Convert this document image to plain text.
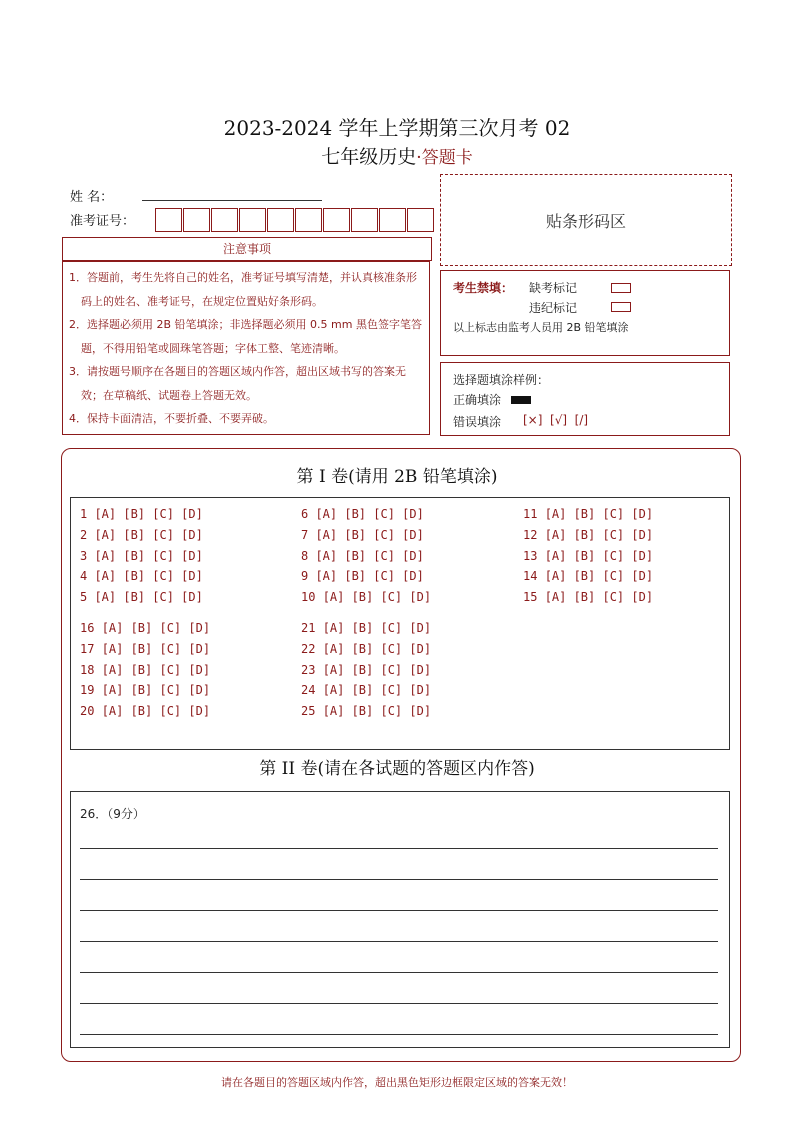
2023-2024 学年上学期第三次月考 02
七年级历史·答题卡
姓 名：
准考证号：	贴条形码区
注意事项
1．答题前，考生先将自己的姓名，准考证号填写清楚，并认真核准条形码上的姓名、准考证号，在规定位置贴好条形码。
2．选择题必须用 2B 铅笔填涂；非选择题必须用 0.5 mm 黑色签字笔答题，不得用铅笔或圆珠笔答题；字体工整、笔迹清晰。
3．请按题号顺序在各题目的答题区域内作答，超出区域书写的答案无效；在草稿纸、试题卷上答题无效。
4．保持卡面清洁，不要折叠、不要弄破。
考生禁填： 缺考标记
违纪标记
以上标志由监考人员用 2B 铅笔填涂
选择题填涂样例：
正确填涂
错误填涂 [×]  [√]  [/]
第 I 卷(请用 2B 铅笔填涂)
第 II 卷(请在各试题的答题区内作答)
26．（9分）
请在各题目的答题区域内作答，超出黑色矩形边框限定区域的答案无效！
1 [A] [B] [C] [D]
2 [A] [B] [C] [D]
3 [A] [B] [C] [D]
4 [A] [B] [C] [D]
5 [A] [B] [C] [D]
6 [A] [B] [C] [D]
7 [A] [B] [C] [D]
8 [A] [B] [C] [D]
9 [A] [B] [C] [D]
10 [A] [B] [C] [D]
11 [A] [B] [C] [D]
12 [A] [B] [C] [D]
13 [A] [B] [C] [D]
14 [A] [B] [C] [D]
15 [A] [B] [C] [D]
16 [A] [B] [C] [D]
17 [A] [B] [C] [D]
18 [A] [B] [C] [D]
19 [A] [B] [C] [D]
20 [A] [B] [C] [D]
21 [A] [B] [C] [D]
22 [A] [B] [C] [D]
23 [A] [B] [C] [D]
24 [A] [B] [C] [D]
25 [A] [B] [C] [D]
